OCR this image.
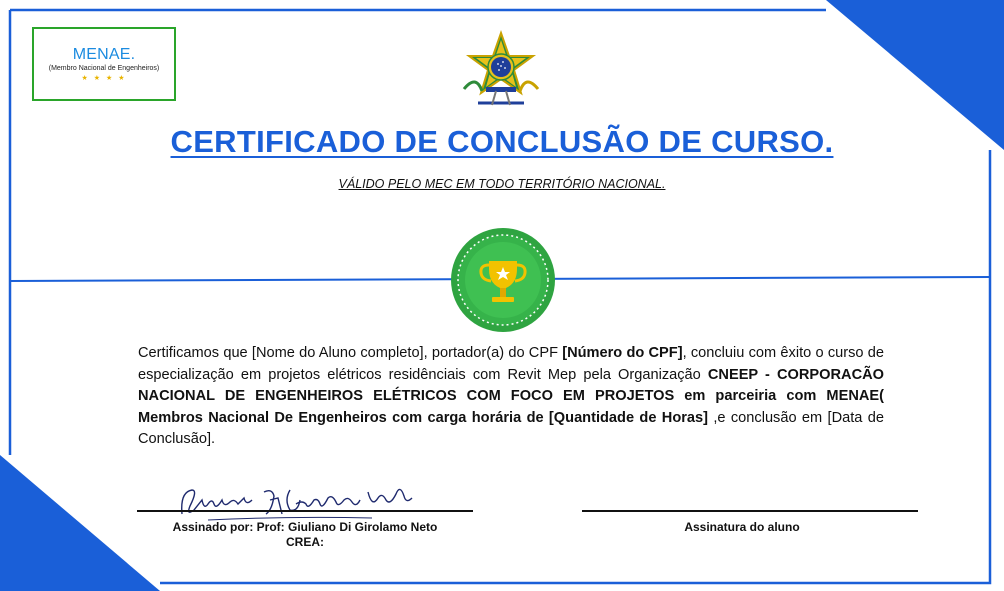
MENAE.
(Membro Nacional de Engenheiros)
★ ★ ★ ★
CERTIFICADO DE CONCLUSÃO DE CURSO.
VÁLIDO PELO MEC EM TODO TERRITÓRIO NACIONAL.
Certificamos que [Nome do Aluno completo], portador(a) do CPF [Número do CPF], concluiu com êxito o curso de especialização em projetos elétricos residênciais com Revit Mep pela Organização CNEEP - CORPORACÃO NACIONAL DE ENGENHEIROS ELÉTRICOS COM FOCO EM PROJETOS em parceiria com MENAE( Membros Nacional De Engenheiros com carga horária de [Quantidade de Horas] ,e conclusão em [Data de Conclusão].
Assinado por: Prof: Giuliano Di Girolamo Neto
CREA:
Assinatura do aluno
